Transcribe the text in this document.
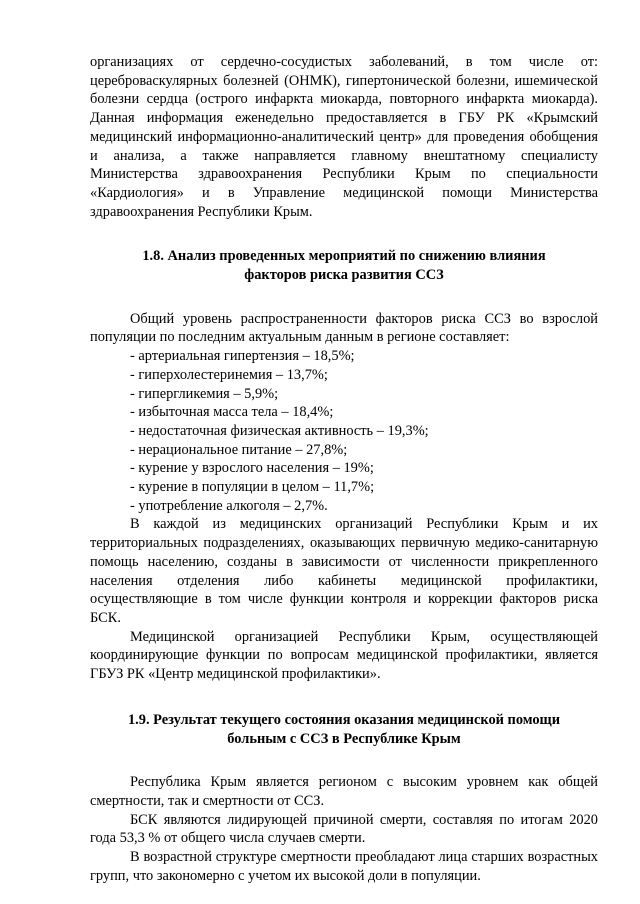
организациях от сердечно-сосудистых заболеваний, в том числе от: цереброваскулярных болезней (ОНМК), гипертонической болезни, ишемической болезни сердца (острого инфаркта миокарда, повторного инфаркта миокарда). Данная информация еженедельно предоставляется в ГБУ РК «Крымский медицинский информационно-аналитический центр» для проведения обобщения и анализа, а также направляется главному внештатному специалисту Министерства здравоохранения Республики Крым по специальности «Кардиология» и в Управление медицинской помощи Министерства здравоохранения Республики Крым.

1.8. Анализ проведенных мероприятий по снижению влияния факторов риска развития ССЗ

Общий уровень распространенности факторов риска ССЗ во взрослой популяции по последним актуальным данным в регионе составляет:

- артериальная гипертензия – 18,5%;
- гиперхолестеринемия – 13,7%;
- гипергликемия – 5,9%;
- избыточная масса тела – 18,4%;
- недостаточная физическая активность – 19,3%;
- нерациональное питание – 27,8%;
- курение у взрослого населения – 19%;
- курение в популяции в целом – 11,7%;
- употребление алкоголя – 2,7%.

В каждой из медицинских организаций Республики Крым и их территориальных подразделениях, оказывающих первичную медико-санитарную помощь населению, созданы в зависимости от численности прикрепленного населения отделения либо кабинеты медицинской профилактики, осуществляющие в том числе функции контроля и коррекции факторов риска БСК.

Медицинской организацией Республики Крым, осуществляющей координирующие функции по вопросам медицинской профилактики, является ГБУЗ РК «Центр медицинской профилактики».

1.9. Результат текущего состояния оказания медицинской помощи больным с ССЗ в Республике Крым

Республика Крым является регионом с высоким уровнем как общей смертности, так и смертности от ССЗ.

БСК являются лидирующей причиной смерти, составляя по итогам 2020 года 53,3 % от общего числа случаев смерти.

В возрастной структуре смертности преобладают лица старших возрастных групп, что закономерно с учетом их высокой доли в популяции.
